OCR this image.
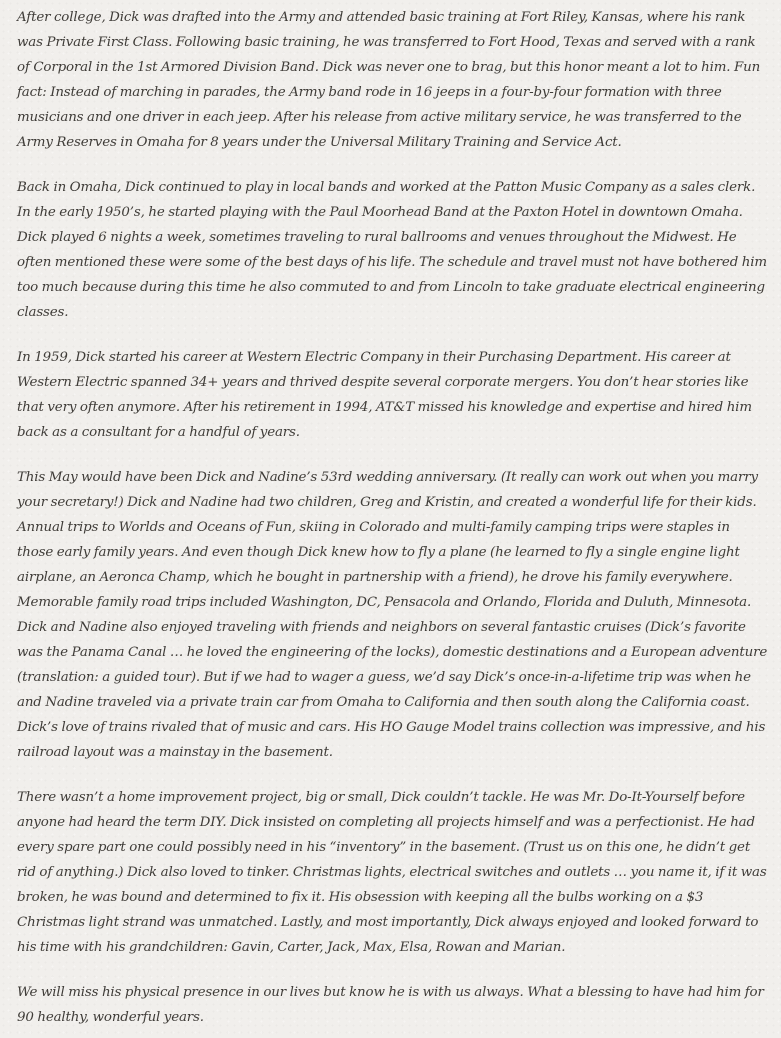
After college, Dick was drafted into the Army and attended basic training at Fort Riley, Kansas, where his rank was Private First Class. Following basic training, he was transferred to Fort Hood, Texas and served with a rank of Corporal in the 1st Armored Division Band. Dick was never one to brag, but this honor meant a lot to him. Fun fact: Instead of marching in parades, the Army band rode in 16 jeeps in a four-by-four formation with three musicians and one driver in each jeep. After his release from active military service, he was transferred to the Army Reserves in Omaha for 8 years under the Universal Military Training and Service Act.

Back in Omaha, Dick continued to play in local bands and worked at the Patton Music Company as a sales clerk. In the early 1950’s, he started playing with the Paul Moorhead Band at the Paxton Hotel in downtown Omaha. Dick played 6 nights a week, sometimes traveling to rural ballrooms and venues throughout the Midwest. He often mentioned these were some of the best days of his life. The schedule and travel must not have bothered him too much because during this time he also commuted to and from Lincoln to take graduate electrical engineering classes.

In 1959, Dick started his career at Western Electric Company in their Purchasing Department. His career at Western Electric spanned 34+ years and thrived despite several corporate mergers. You don’t hear stories like that very often anymore. After his retirement in 1994, AT&T missed his knowledge and expertise and hired him back as a consultant for a handful of years.

This May would have been Dick and Nadine’s 53rd wedding anniversary. (It really can work out when you marry your secretary!) Dick and Nadine had two children, Greg and Kristin, and created a wonderful life for their kids. Annual trips to Worlds and Oceans of Fun, skiing in Colorado and multi-family camping trips were staples in those early family years. And even though Dick knew how to fly a plane (he learned to fly a single engine light airplane, an Aeronca Champ, which he bought in partnership with a friend), he drove his family everywhere. Memorable family road trips included Washington, DC, Pensacola and Orlando, Florida and Duluth, Minnesota. Dick and Nadine also enjoyed traveling with friends and neighbors on several fantastic cruises (Dick’s favorite was the Panama Canal … he loved the engineering of the locks), domestic destinations and a European adventure (translation: a guided tour). But if we had to wager a guess, we’d say Dick’s once-in-a-lifetime trip was when he and Nadine traveled via a private train car from Omaha to California and then south along the California coast. Dick’s love of trains rivaled that of music and cars. His HO Gauge Model trains collection was impressive, and his railroad layout was a mainstay in the basement.

There wasn’t a home improvement project, big or small, Dick couldn’t tackle. He was Mr. Do-It-Yourself before anyone had heard the term DIY. Dick insisted on completing all projects himself and was a perfectionist. He had every spare part one could possibly need in his “inventory” in the basement. (Trust us on this one, he didn’t get rid of anything.) Dick also loved to tinker. Christmas lights, electrical switches and outlets … you name it, if it was broken, he was bound and determined to fix it. His obsession with keeping all the bulbs working on a $3 Christmas light strand was unmatched. Lastly, and most importantly, Dick always enjoyed and looked forward to his time with his grandchildren: Gavin, Carter, Jack, Max, Elsa, Rowan and Marian.

We will miss his physical presence in our lives but know he is with us always. What a blessing to have had him for 90 healthy, wonderful years.
